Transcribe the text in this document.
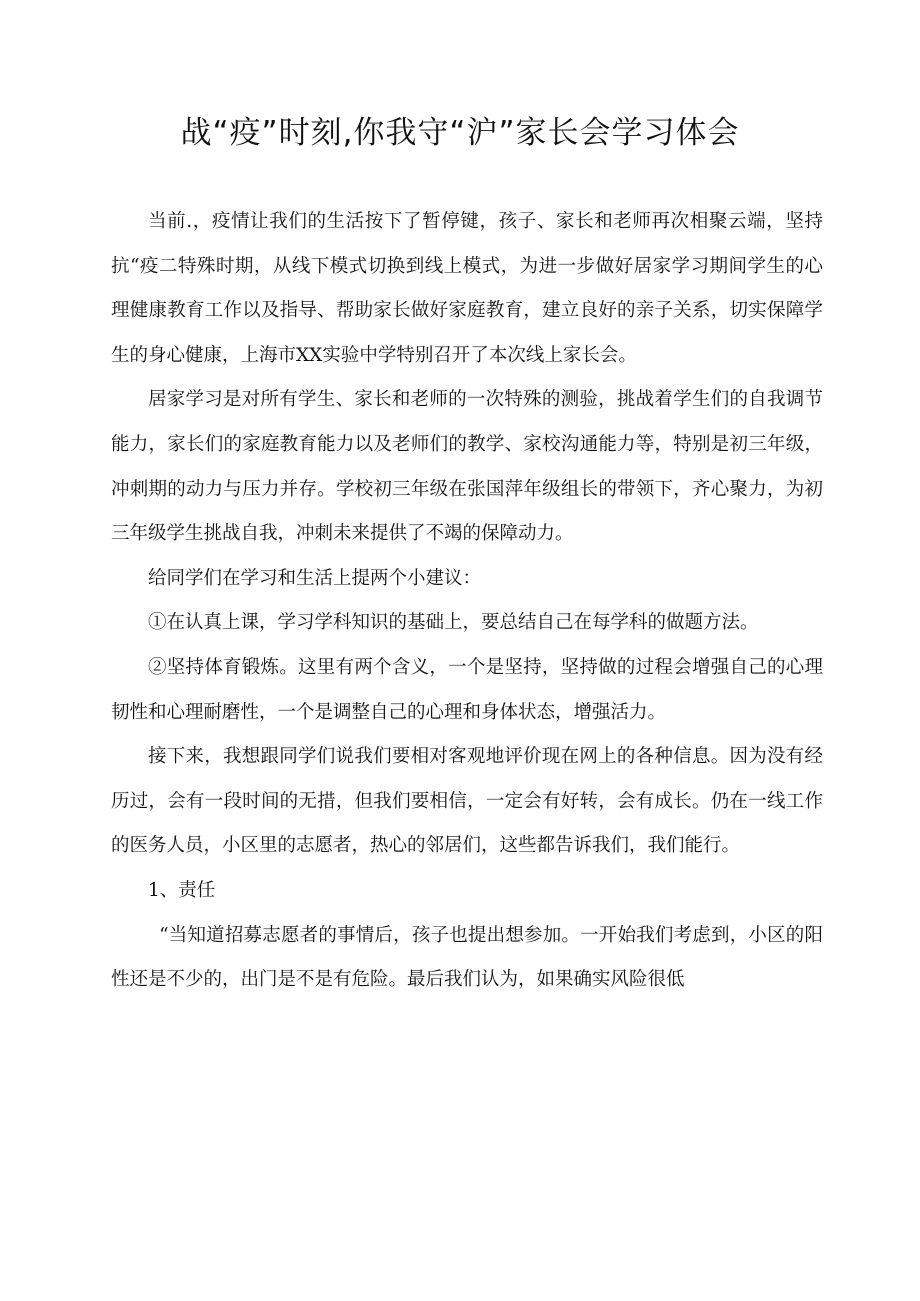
战“疫”时刻,你我守“沪”家长会学习体会

当前.，疫情让我们的生活按下了暂停键，孩子、家长和老师再次相聚云端，坚持抗“疫二特殊时期，从线下模式切换到线上模式，为进一步做好居家学习期间学生的心理健康教育工作以及指导、帮助家长做好家庭教育，建立良好的亲子关系，切实保障学生的身心健康，上海市XX实验中学特别召开了本次线上家长会。

居家学习是对所有学生、家长和老师的一次特殊的测验，挑战着学生们的自我调节能力，家长们的家庭教育能力以及老师们的教学、家校沟通能力等，特别是初三年级，冲刺期的动力与压力并存。学校初三年级在张国萍年级组长的带领下，齐心聚力，为初三年级学生挑战自我，冲刺未来提供了不竭的保障动力。

给同学们在学习和生活上提两个小建议：

①在认真上课，学习学科知识的基础上，要总结自己在每学科的做题方法。

②坚持体育锻炼。这里有两个含义，一个是坚持，坚持做的过程会增强自己的心理韧性和心理耐磨性，一个是调整自己的心理和身体状态，增强活力。

接下来，我想跟同学们说我们要相对客观地评价现在网上的各种信息。因为没有经历过，会有一段时间的无措，但我们要相信，一定会有好转，会有成长。仍在一线工作的医务人员，小区里的志愿者，热心的邻居们，这些都告诉我们，我们能行。

1、责任

“当知道招募志愿者的事情后，孩子也提出想参加。一开始我们考虑到，小区的阳性还是不少的，出门是不是有危险。最后我们认为，如果确实风险很低
